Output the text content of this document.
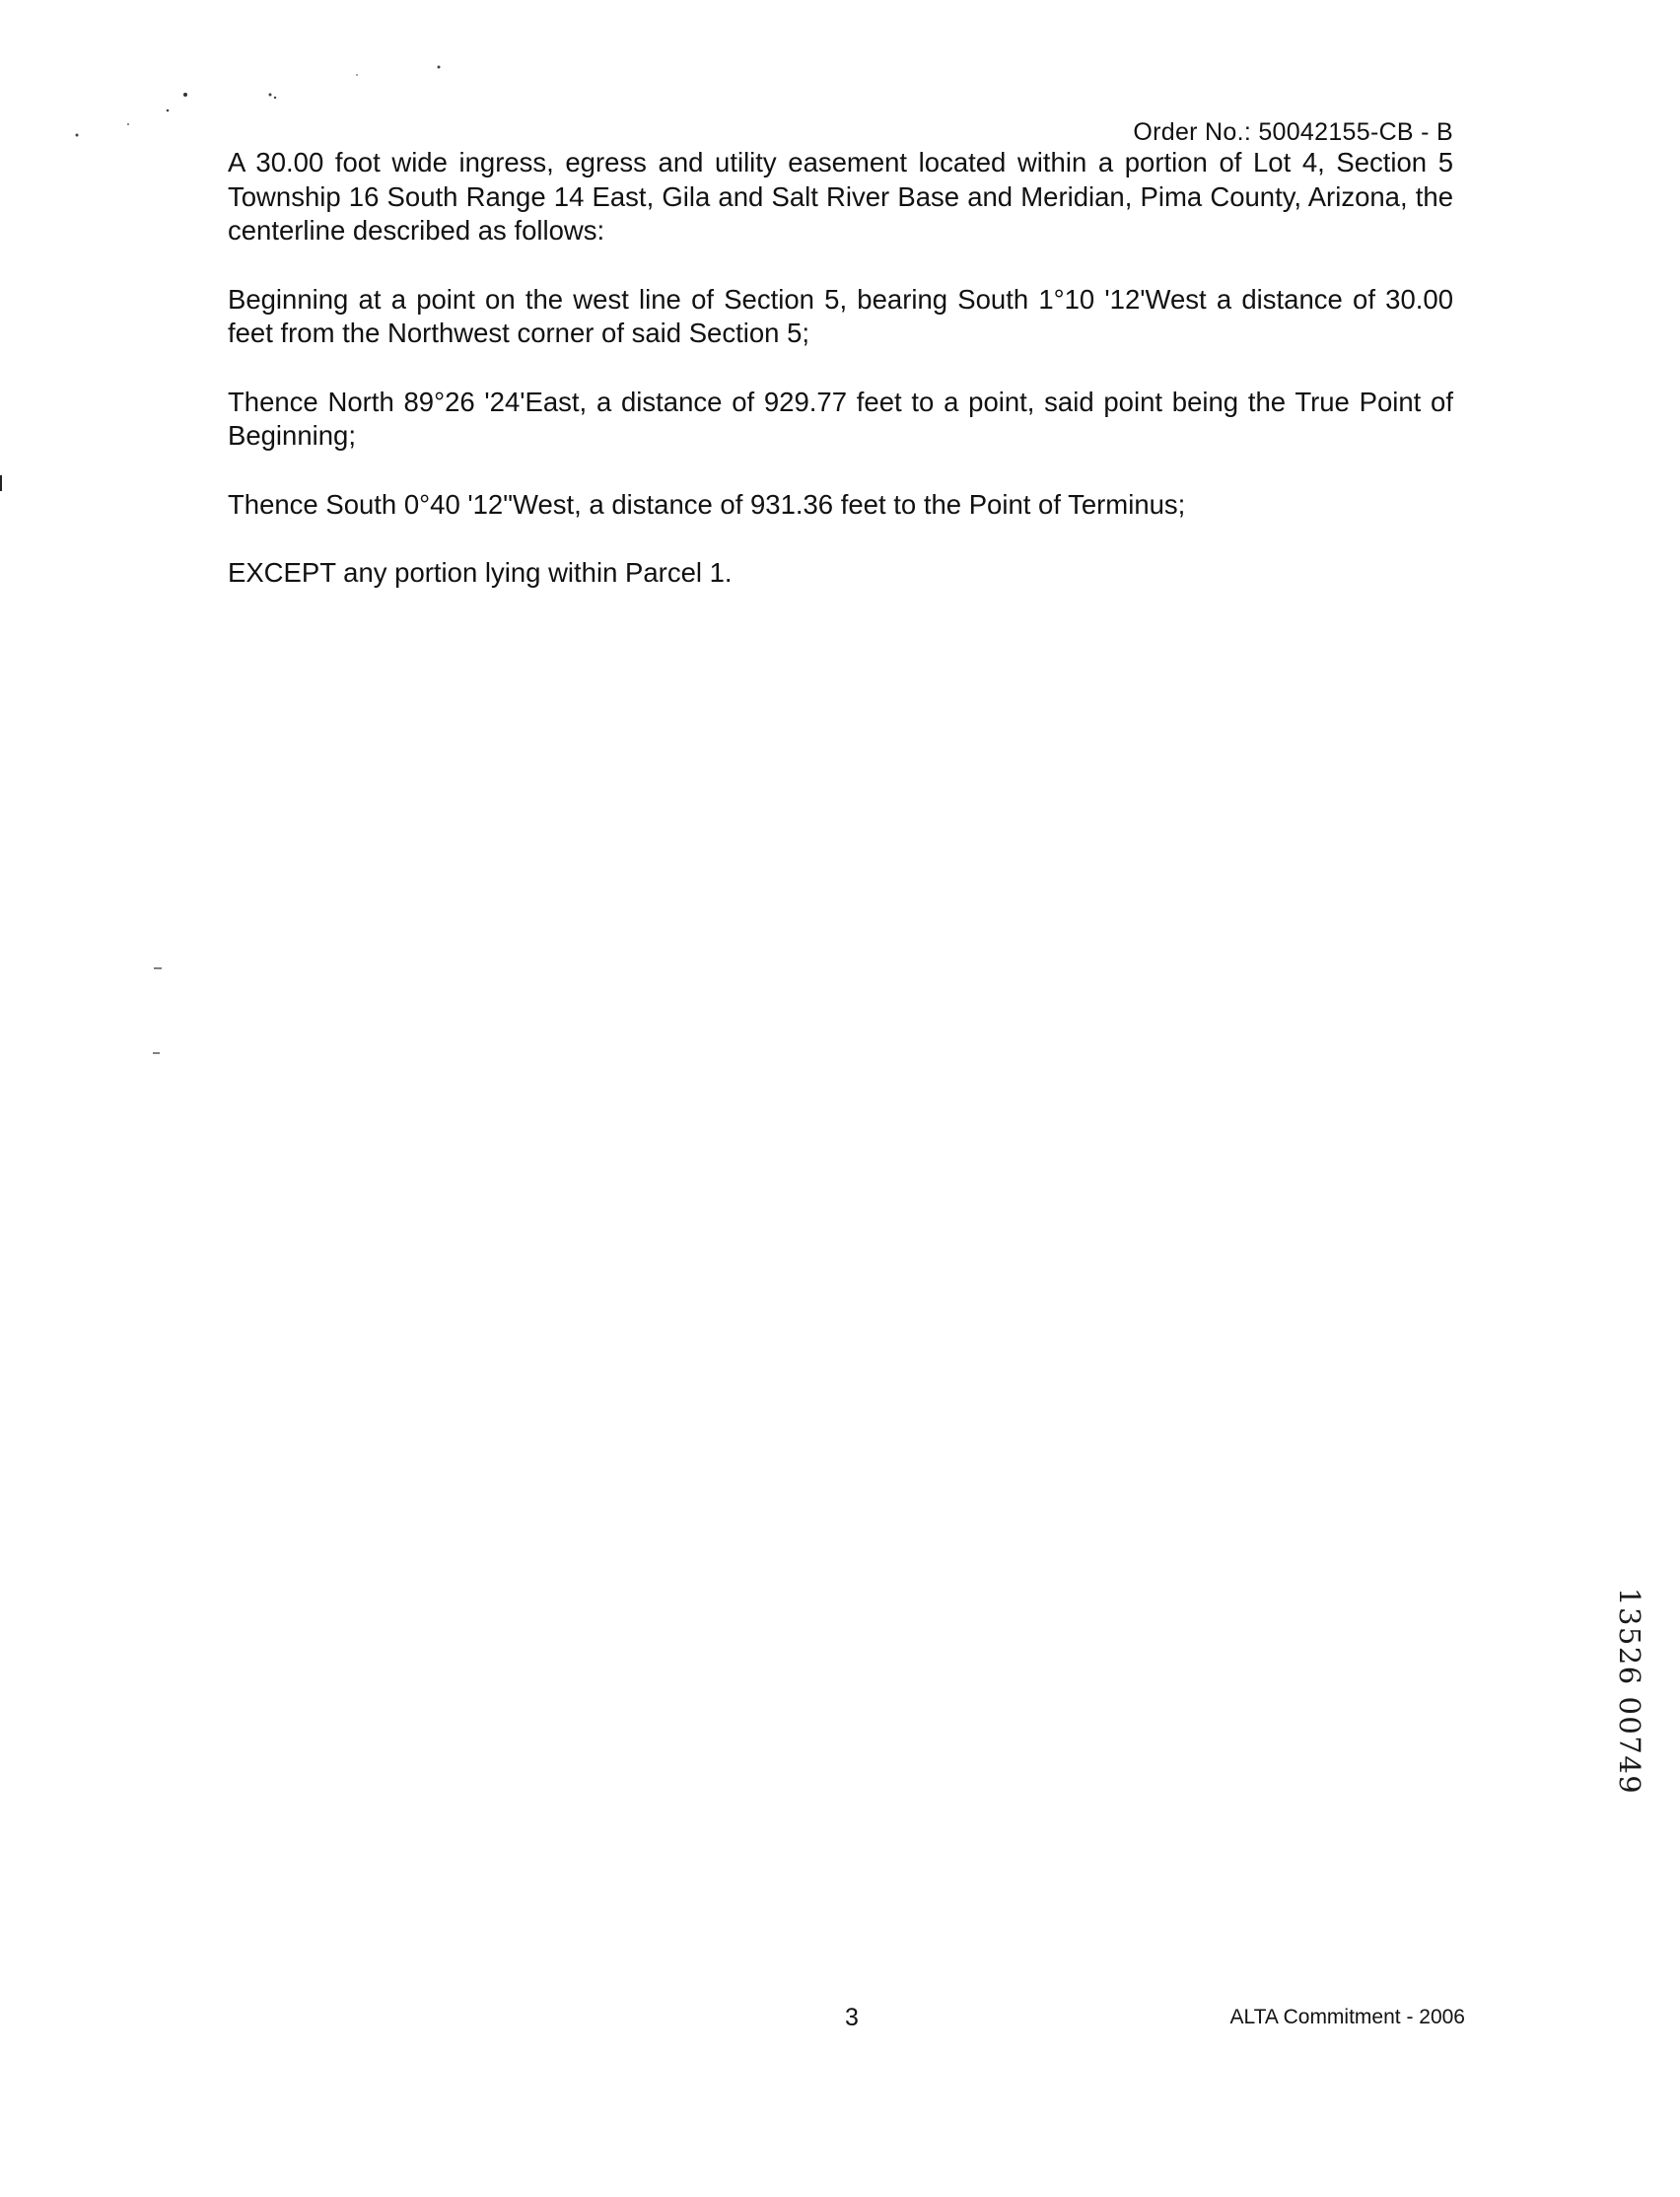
Order No.: 50042155-CB - B

A 30.00 foot wide ingress, egress and utility easement located within a portion of Lot 4, Section 5 Township 16 South Range 14 East, Gila and Salt River Base and Meridian, Pima County, Arizona, the centerline described as follows:

Beginning at a point on the west line of Section 5, bearing South 1°10 '12'West a distance of 30.00 feet from the Northwest corner of said Section 5;

Thence North 89°26 '24'East, a distance of 929.77 feet to a point, said point being the True Point of Beginning;

Thence South 0°40 '12"West, a distance of 931.36 feet to the Point of Terminus;

EXCEPT any portion lying within Parcel 1.

13526 00749
3	ALTA Commitment - 2006
